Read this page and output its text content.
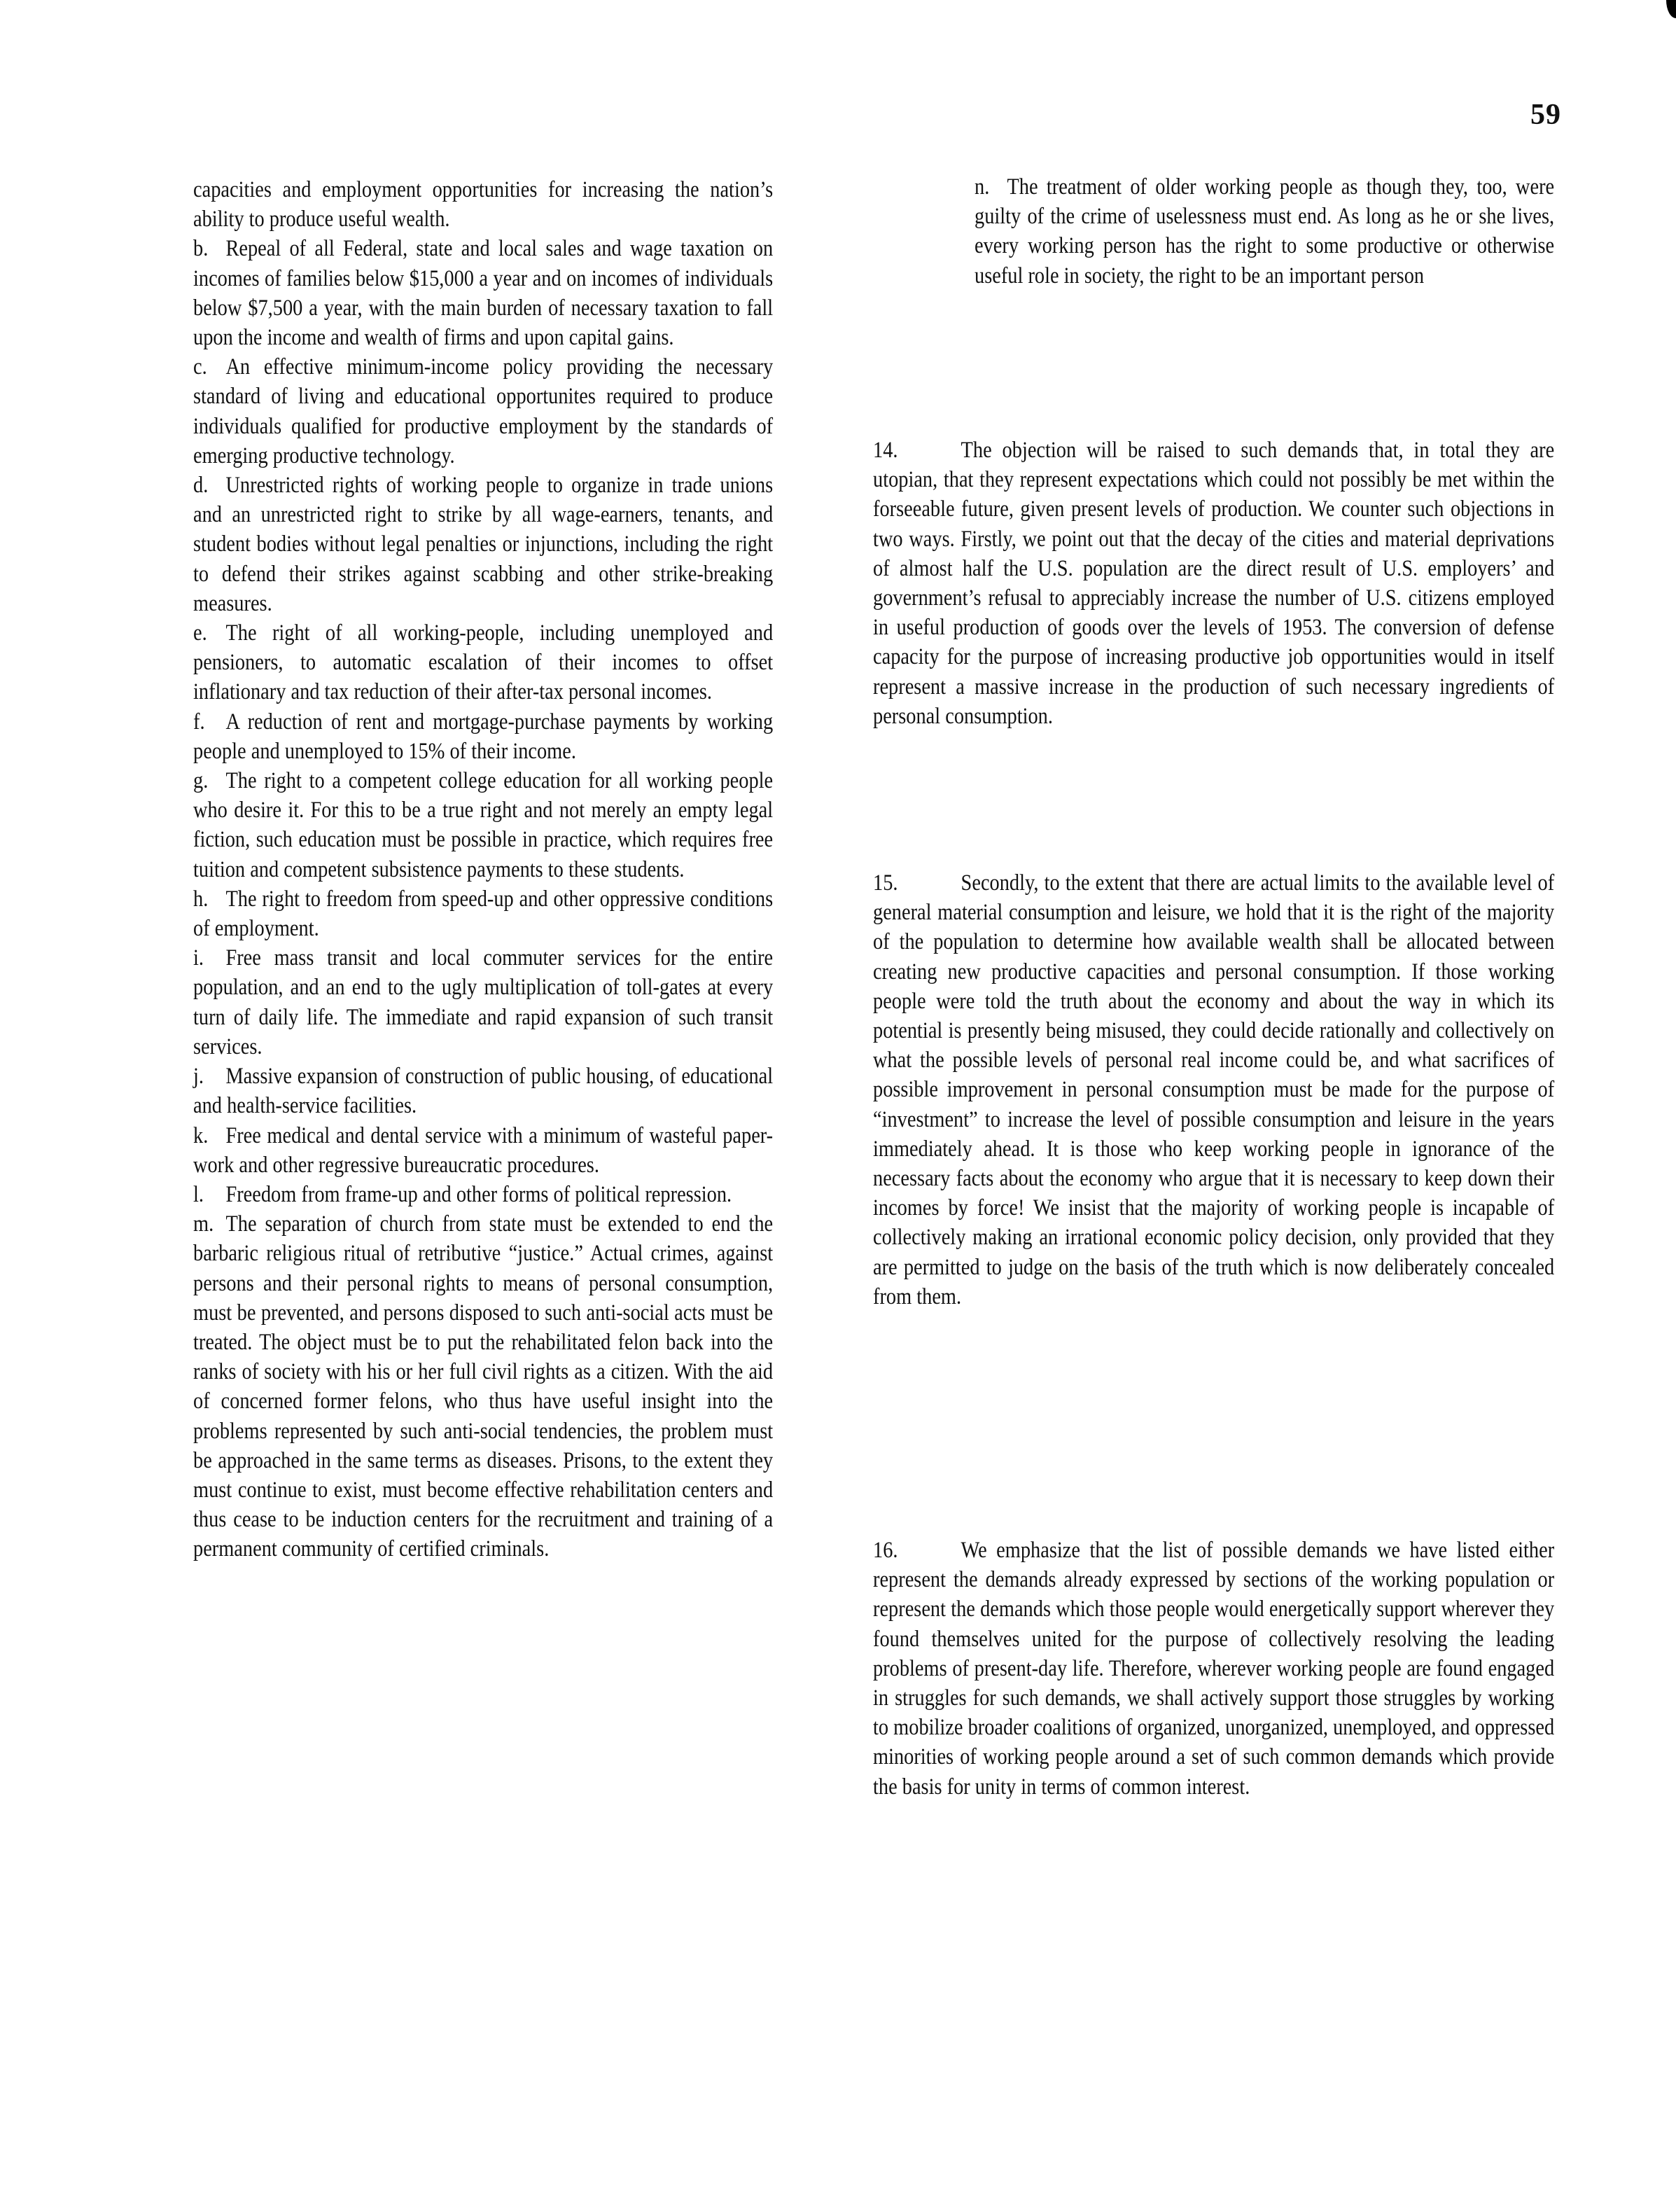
59

capacities and employment opportunities for increasing the nation’s ability to produce useful wealth.

b. Repeal of all Federal, state and local sales and wage taxation on incomes of families below $15,000 a year and on incomes of individuals below $7,500 a year, with the main burden of necessary taxation to fall upon the income and wealth of firms and upon capital gains.

c. An effective minimum-income policy providing the necessary standard of living and educational opportunites required to produce individuals qualified for productive employment by the standards of emerging productive technology.

d. Unrestricted rights of working people to organize in trade unions and an unrestricted right to strike by all wage-earners, tenants, and student bodies without legal penalties or injunctions, including the right to defend their strikes against scabbing and other strike-breaking measures.

e. The right of all working-people, including unemployed and pensioners, to automatic escalation of their incomes to offset inflationary and tax reduction of their after-tax personal incomes.

f. A reduction of rent and mortgage-purchase payments by working people and unemployed to 15% of their income.

g. The right to a competent college education for all working people who desire it. For this to be a true right and not merely an empty legal fiction, such education must be possible in practice, which requires free tuition and competent subsistence payments to these students.

h. The right to freedom from speed-up and other oppressive conditions of employment.

i. Free mass transit and local commuter services for the entire population, and an end to the ugly multiplication of toll-gates at every turn of daily life. The immediate and rapid expansion of such transit services.

j. Massive expansion of construction of public housing, of educational and health-service facilities.

k. Free medical and dental service with a minimum of wasteful paper-work and other regressive bureaucratic procedures.

l. Freedom from frame-up and other forms of political repression.

m. The separation of church from state must be extended to end the barbaric religious ritual of retributive “justice.” Actual crimes, against persons and their personal rights to means of personal consumption, must be prevented, and persons disposed to such anti-social acts must be treated. The object must be to put the rehabilitated felon back into the ranks of society with his or her full civil rights as a citizen. With the aid of concerned former felons, who thus have useful insight into the problems represented by such anti-social tendencies, the problem must be approached in the same terms as diseases. Prisons, to the extent they must continue to exist, must become effective rehabilitation centers and thus cease to be induction centers for the recruitment and training of a permanent community of certified criminals.

n. The treatment of older working people as though they, too, were guilty of the crime of uselessness must end. As long as he or she lives, every working person has the right to some productive or otherwise useful role in society, the right to be an important person

14.	The objection will be raised to such demands that, in total they are utopian, that they represent expectations which could not possibly be met within the forseeable future, given present levels of production. We counter such objections in two ways. Firstly, we point out that the decay of the cities and material deprivations of almost half the U.S. population are the direct result of U.S. employers’ and government’s refusal to appreciably increase the number of U.S. citizens employed in useful production of goods over the levels of 1953. The conversion of defense capacity for the purpose of increasing productive job opportunities would in itself represent a massive increase in the production of such necessary ingredients of personal consumption.

15.	Secondly, to the extent that there are actual limits to the available level of general material consumption and leisure, we hold that it is the right of the majority of the population to determine how available wealth shall be allocated between creating new productive capacities and personal consumption. If those working people were told the truth about the economy and about the way in which its potential is presently being misused, they could decide rationally and collectively on what the possible levels of personal real income could be, and what sacrifices of possible improvement in personal consumption must be made for the purpose of “investment” to increase the level of possible consumption and leisure in the years immediately ahead. It is those who keep working people in ignorance of the necessary facts about the economy who argue that it is necessary to keep down their incomes by force! We insist that the majority of working people is incapable of collectively making an irrational economic policy decision, only provided that they are permitted to judge on the basis of the truth which is now deliberately concealed from them.

16.	We emphasize that the list of possible demands we have listed either represent the demands already expressed by sections of the working population or represent the demands which those people would energetically support wherever they found themselves united for the purpose of collectively resolving the leading problems of present-day life. Therefore, wherever working people are found engaged in struggles for such demands, we shall actively support those struggles by working to mobilize broader coalitions of organized, unorganized, unemployed, and oppressed minorities of working people around a set of such common demands which provide the basis for unity in terms of common interest.
